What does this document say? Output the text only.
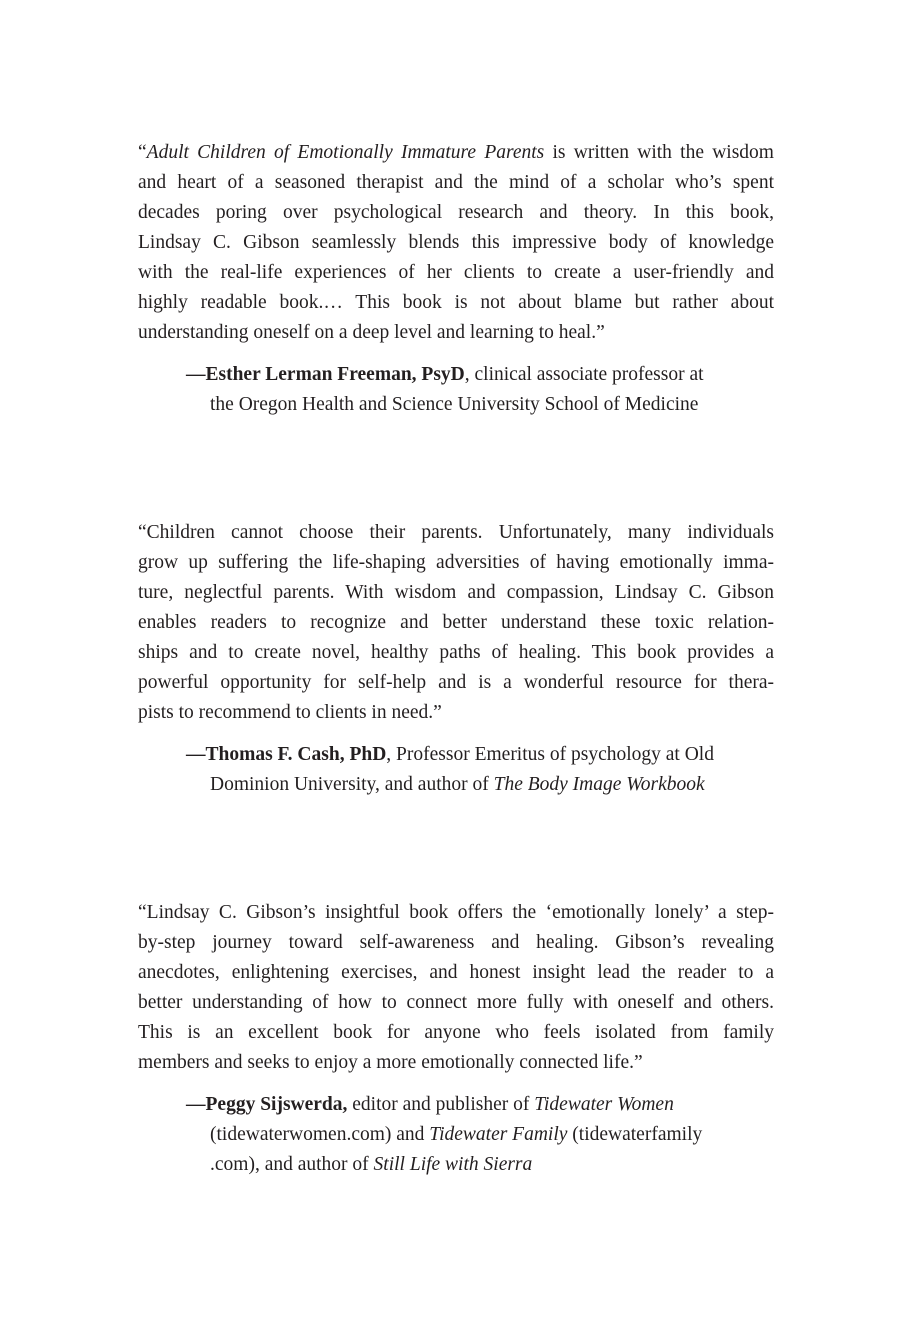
“Adult Children of Emotionally Immature Parents is written with the wisdom
and heart of a seasoned therapist and the mind of a scholar who’s spent
decades poring over psychological research and theory. In this book,
Lindsay C. Gibson seamlessly blends this impressive body of knowledge
with the real-life experiences of her clients to create a user-friendly and
highly readable book.… This book is not about blame but rather about
understanding oneself on a deep level and learning to heal.”
—Esther Lerman Freeman, PsyD, clinical associate professor at
the Oregon Health and Science University School of Medicine
“Children cannot choose their parents. Unfortunately, many individuals
grow up suffering the life-shaping adversities of having emotionally imma-
ture, neglectful parents. With wisdom and compassion, Lindsay C. Gibson
enables readers to recognize and better understand these toxic relation-
ships and to create novel, healthy paths of healing. This book provides a
powerful opportunity for self-help and is a wonderful resource for thera-
pists to recommend to clients in need.”
—Thomas F. Cash, PhD, Professor Emeritus of psychology at Old
Dominion University, and author of The Body Image Workbook
“Lindsay C. Gibson’s insightful book offers the ‘emotionally lonely’ a step-
by-step journey toward self-awareness and healing. Gibson’s revealing
anecdotes, enlightening exercises, and honest insight lead the reader to a
better understanding of how to connect more fully with oneself and others.
This is an excellent book for anyone who feels isolated from family
members and seeks to enjoy a more emotionally connected life.”
—Peggy Sijswerda, editor and publisher of Tidewater Women
(tidewaterwomen.com) and Tidewater Family (tidewaterfamily
.com), and author of Still Life with Sierra
